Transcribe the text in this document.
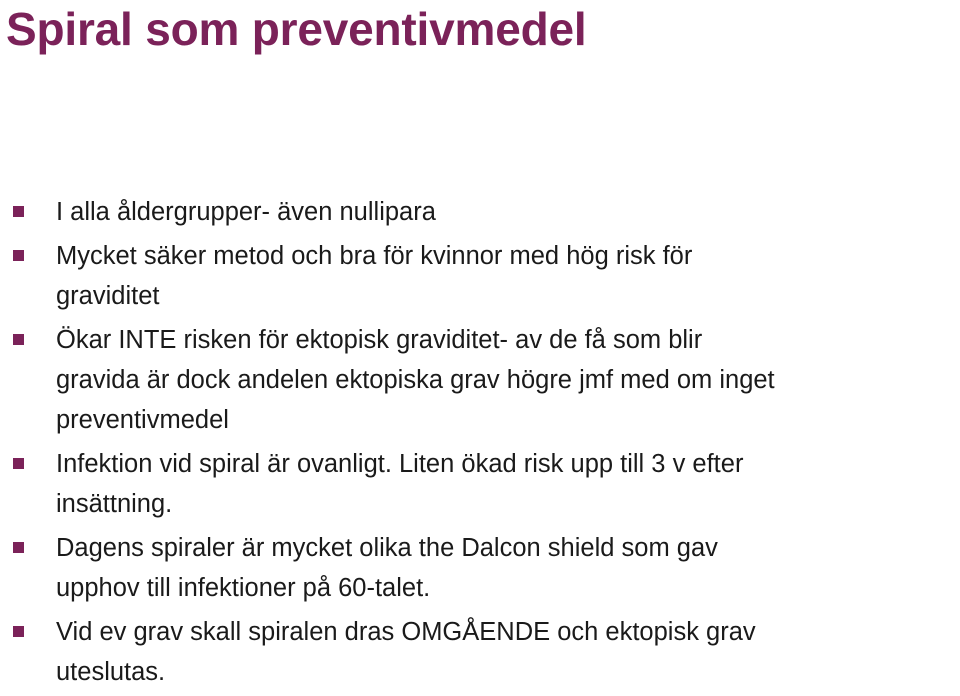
Spiral som preventivmedel
I alla åldergrupper- även nullipara
Mycket säker metod och bra för kvinnor med hög risk för
graviditet
Ökar INTE risken för ektopisk graviditet- av de få som blir
gravida är dock andelen ektopiska grav högre jmf med om inget
preventivmedel
Infektion vid spiral är ovanligt. Liten ökad risk upp till 3 v efter
insättning.
Dagens spiraler är mycket olika the Dalcon shield som gav
upphov till infektioner på 60-talet.
Vid ev grav skall spiralen dras OMGÅENDE och ektopisk grav
uteslutas.
